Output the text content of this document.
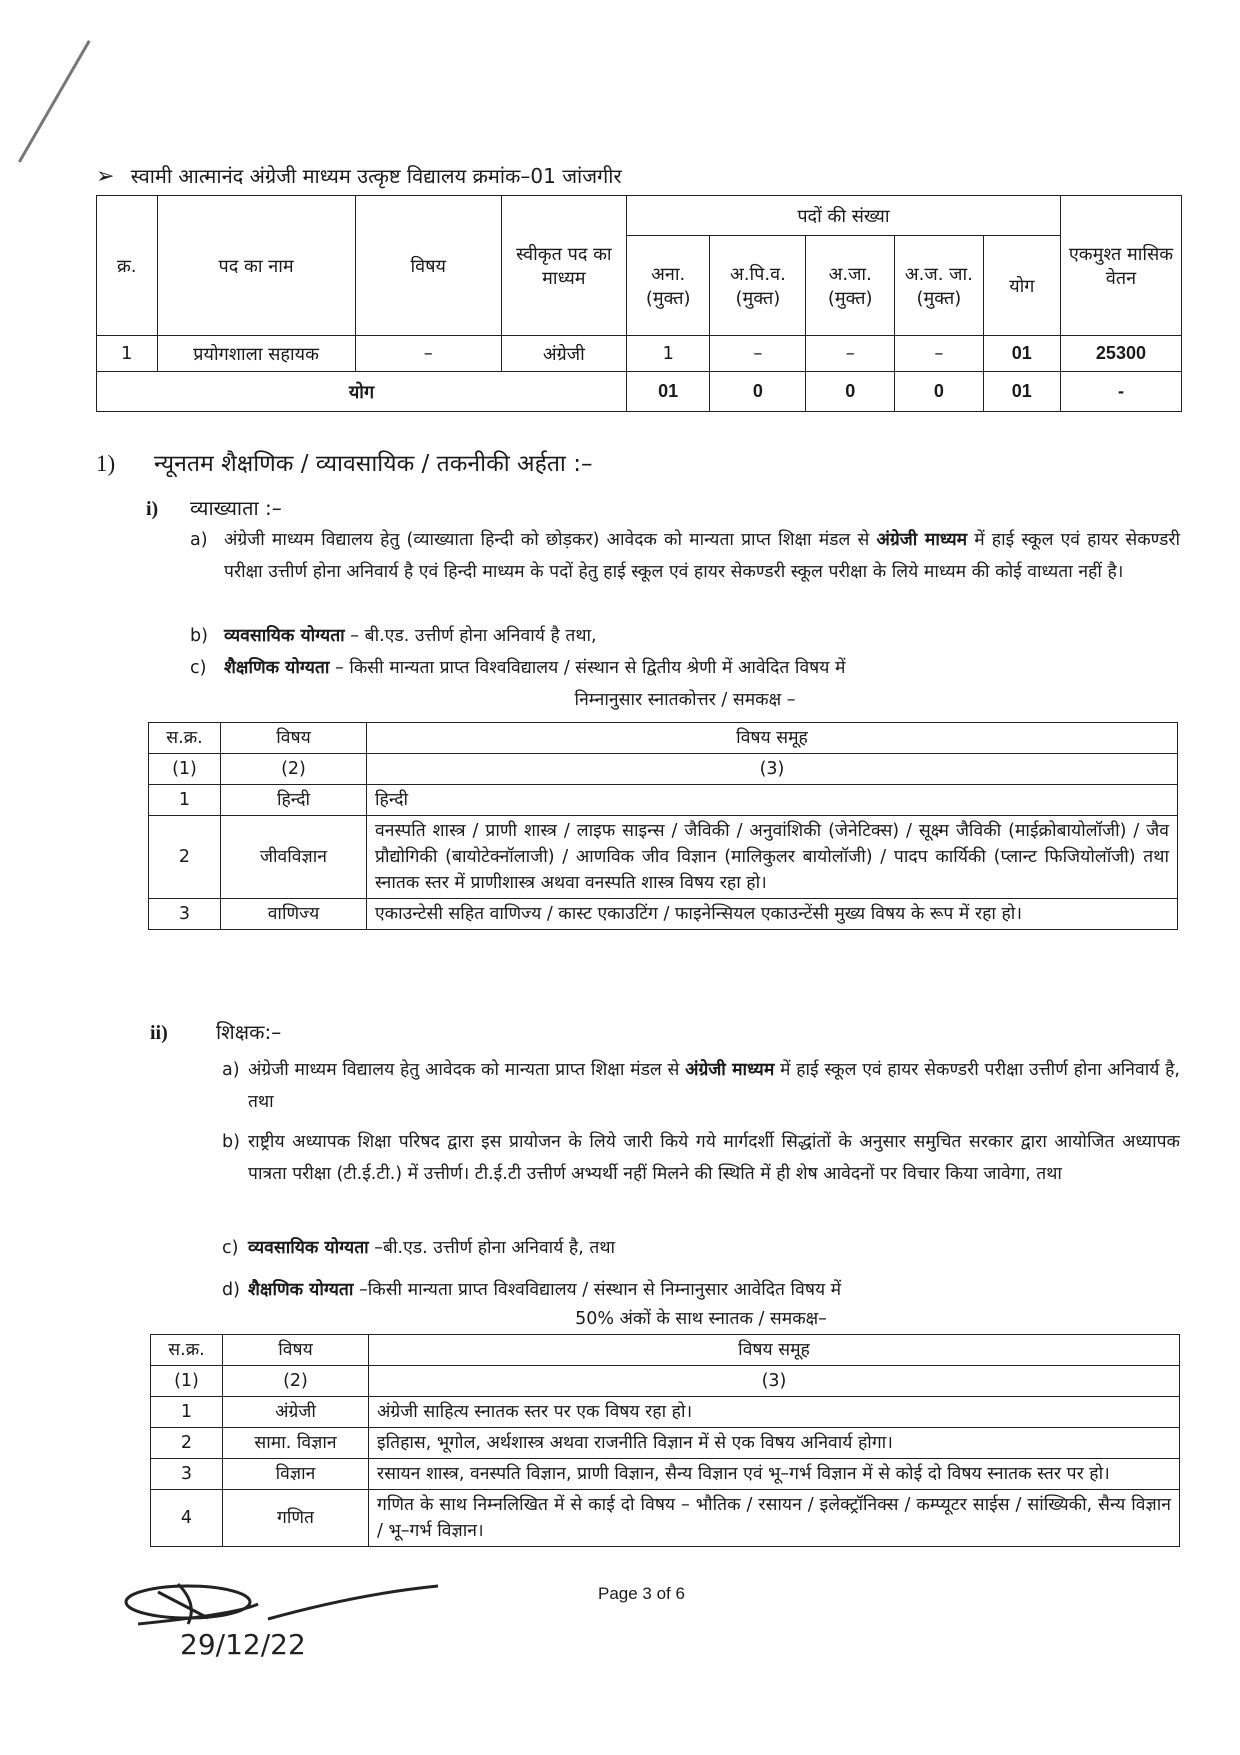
➢ स्वामी आत्मानंद अंग्रेजी माध्यम उत्कृष्ट विद्यालय क्रमांक–01 जांजगीर
क्र.	पद का नाम	विषय	स्वीकृत पद का माध्यम	पदों की संख्या					एकमुश्त मासिक वेतन
				अना. (मुक्त)	अ.पि.व. (मुक्त)	अ.जा. (मुक्त)	अ.ज. जा. (मुक्त)	योग	
1	प्रयोगशाला सहायक	–	अंग्रेजी	1	–	–	–	01	25300
योग				01	0	0	0	01	-
1) न्यूनतम शैक्षणिक / व्यावसायिक / तकनीकी अर्हता :–
i) व्याख्याता :–
a) अंग्रेजी माध्यम विद्यालय हेतु (व्याख्याता हिन्दी को छोड़कर) आवेदक को मान्यता प्राप्त शिक्षा मंडल से अंग्रेजी माध्यम में हाई स्कूल एवं हायर सेकण्डरी परीक्षा उत्तीर्ण होना अनिवार्य है एवं हिन्दी माध्यम के पदों हेतु हाई स्कूल एवं हायर सेकण्डरी स्कूल परीक्षा के लिये माध्यम की कोई वाध्यता नहीं है।
b) व्यवसायिक योग्यता – बी.एड. उत्तीर्ण होना अनिवार्य है तथा,
c)	शैक्षणिक योग्यता – किसी मान्यता प्राप्त विश्वविद्यालय / संस्थान से द्वितीय श्रेणी में आवेदित विषय में
निम्नानुसार स्नातकोत्तर / समकक्ष –
स.क्र.	विषय	विषय समूह
(1)	(2)	(3)
1	हिन्दी	हिन्दी
2	जीवविज्ञान	वनस्पति शास्त्र / प्राणी शास्त्र / लाइफ साइन्स / जैविकी / अनुवांशिकी (जेनेटिक्स) / सूक्ष्म जैविकी (माईक्रोबायोलॉजी) / जैव प्रौद्योगिकी (बायोटेक्नॉलाजी) / आणविक जीव विज्ञान (मालिकुलर बायोलॉजी) / पादप कार्यिकी (प्लान्ट फिजियोलॉजी) तथा स्नातक स्तर में प्राणीशास्त्र अथवा वनस्पति शास्त्र विषय रहा हो।
3	वाणिज्य	एकाउन्टेसी सहित वाणिज्य / कास्ट एकाउटिंग / फाइनेन्सियल एकाउन्टेंसी मुख्य विषय के रूप में रहा हो।
ii) शिक्षक:–
a) अंग्रेजी माध्यम विद्यालय हेतु आवेदक को मान्यता प्राप्त शिक्षा मंडल से अंग्रेजी माध्यम में हाई स्कूल एवं हायर सेकण्डरी परीक्षा उत्तीर्ण होना अनिवार्य है, तथा
b) राष्ट्रीय अध्यापक शिक्षा परिषद द्वारा इस प्रायोजन के लिये जारी किये गये मार्गदर्शी सिद्धांतों के अनुसार समुचित सरकार द्वारा आयोजित अध्यापक पात्रता परीक्षा (टी.ई.टी.) में उत्तीर्ण। टी.ई.टी उत्तीर्ण अभ्यर्थी नहीं मिलने की स्थिति में ही शेष आवेदनों पर विचार किया जावेगा, तथा
c) व्यवसायिक योग्यता –बी.एड. उत्तीर्ण होना अनिवार्य है, तथा
d) शैक्षणिक योग्यता –किसी मान्यता प्राप्त विश्वविद्यालय / संस्थान से निम्नानुसार आवेदित विषय में
50% अंकों के साथ स्नातक / समकक्ष–
स.क्र.	विषय	विषय समूह
(1)	(2)	(3)
1	अंग्रेजी	अंग्रेजी साहित्य स्नातक स्तर पर एक विषय रहा हो।
2	सामा. विज्ञान	इतिहास, भूगोल, अर्थशास्त्र अथवा राजनीति विज्ञान में से एक विषय अनिवार्य होगा।
3	विज्ञान	रसायन शास्त्र, वनस्पति विज्ञान, प्राणी विज्ञान, सैन्य विज्ञान एवं भू–गर्भ विज्ञान में से कोई दो विषय स्नातक स्तर पर हो।
4	गणित	गणित के साथ निम्नलिखित में से काई दो विषय – भौतिक / रसायन / इलेक्ट्रॉनिक्स / कम्प्यूटर साईस / सांख्यिकी, सैन्य विज्ञान / भू–गर्भ विज्ञान।
29/12/22
Page 3 of 6
